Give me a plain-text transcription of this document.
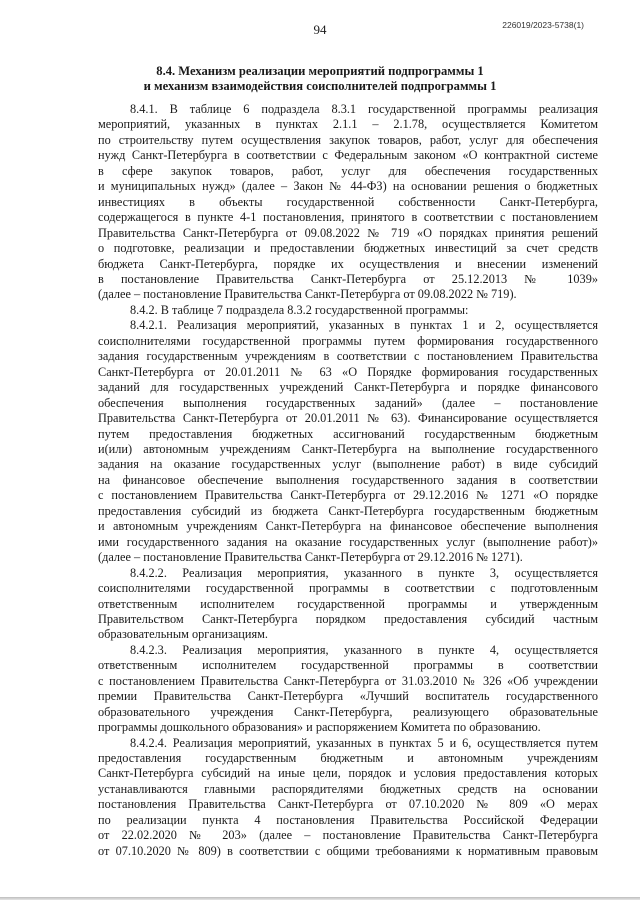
94	226019/2023-5738(1)
8.4. Механизм реализации мероприятий подпрограммы 1
и механизм взаимодействия соисполнителей подпрограммы 1

8.4.1. В таблице 6 подраздела 8.3.1 государственной программы реализация
мероприятий, указанных в пунктах 2.1.1 – 2.1.78, осуществляется Комитетом
по строительству путем осуществления закупок товаров, работ, услуг для обеспечения
нужд Санкт-Петербурга в соответствии с Федеральным законом «О контрактной системе
в сфере закупок товаров, работ, услуг для обеспечения государственных
и муниципальных нужд» (далее – Закон № 44-ФЗ) на основании решения о бюджетных
инвестициях в объекты государственной собственности Санкт-Петербурга,
содержащегося в пункте 4-1 постановления, принятого в соответствии с постановлением
Правительства Санкт-Петербурга от 09.08.2022 № 719 «О порядках принятия решений
о подготовке, реализации и предоставлении бюджетных инвестиций за счет средств
бюджета Санкт-Петербурга, порядке их осуществления и внесении изменений
в постановление Правительства Санкт-Петербурга от 25.12.2013 № 1039»
(далее – постановление Правительства Санкт-Петербурга от 09.08.2022 № 719).

8.4.2. В таблице 7 подраздела 8.3.2 государственной программы:

8.4.2.1. Реализация мероприятий, указанных в пунктах 1 и 2, осуществляется
соисполнителями государственной программы путем формирования государственного
задания государственным учреждениям в соответствии с постановлением Правительства
Санкт-Петербурга от 20.01.2011 № 63 «О Порядке формирования государственных
заданий для государственных учреждений Санкт-Петербурга и порядке финансового
обеспечения выполнения государственных заданий» (далее – постановление
Правительства Санкт-Петербурга от 20.01.2011 № 63). Финансирование осуществляется
путем предоставления бюджетных ассигнований государственным бюджетным
и(или) автономным учреждениям Санкт-Петербурга на выполнение государственного
задания на оказание государственных услуг (выполнение работ) в виде субсидий
на финансовое обеспечение выполнения государственного задания в соответствии
с постановлением Правительства Санкт-Петербурга от 29.12.2016 № 1271 «О порядке
предоставления субсидий из бюджета Санкт-Петербурга государственным бюджетным
и автономным учреждениям Санкт-Петербурга на финансовое обеспечение выполнения
ими государственного задания на оказание государственных услуг (выполнение работ)»
(далее – постановление Правительства Санкт-Петербурга от 29.12.2016 № 1271).

8.4.2.2. Реализация мероприятия, указанного в пункте 3, осуществляется
соисполнителями государственной программы в соответствии с подготовленным
ответственным исполнителем государственной программы и утвержденным
Правительством Санкт-Петербурга порядком предоставления субсидий частным
образовательным организациям.

8.4.2.3. Реализация мероприятия, указанного в пункте 4, осуществляется
ответственным исполнителем государственной программы в соответствии
с постановлением Правительства Санкт-Петербурга от 31.03.2010 № 326 «Об учреждении
премии Правительства Санкт-Петербурга «Лучший воспитатель государственного
образовательного учреждения Санкт-Петербурга, реализующего образовательные
программы дошкольного образования» и распоряжением Комитета по образованию.

8.4.2.4. Реализация мероприятий, указанных в пунктах 5 и 6, осуществляется путем
предоставления государственным бюджетным и автономным учреждениям
Санкт-Петербурга субсидий на иные цели, порядок и условия предоставления которых
устанавливаются главными распорядителями бюджетных средств на основании
постановления Правительства Санкт-Петербурга от 07.10.2020 № 809 «О мерах
по реализации пункта 4 постановления Правительства Российской Федерации
от 22.02.2020 № 203» (далее – постановление Правительства Санкт-Петербурга
от 07.10.2020 № 809) в соответствии с общими требованиями к нормативным правовым
